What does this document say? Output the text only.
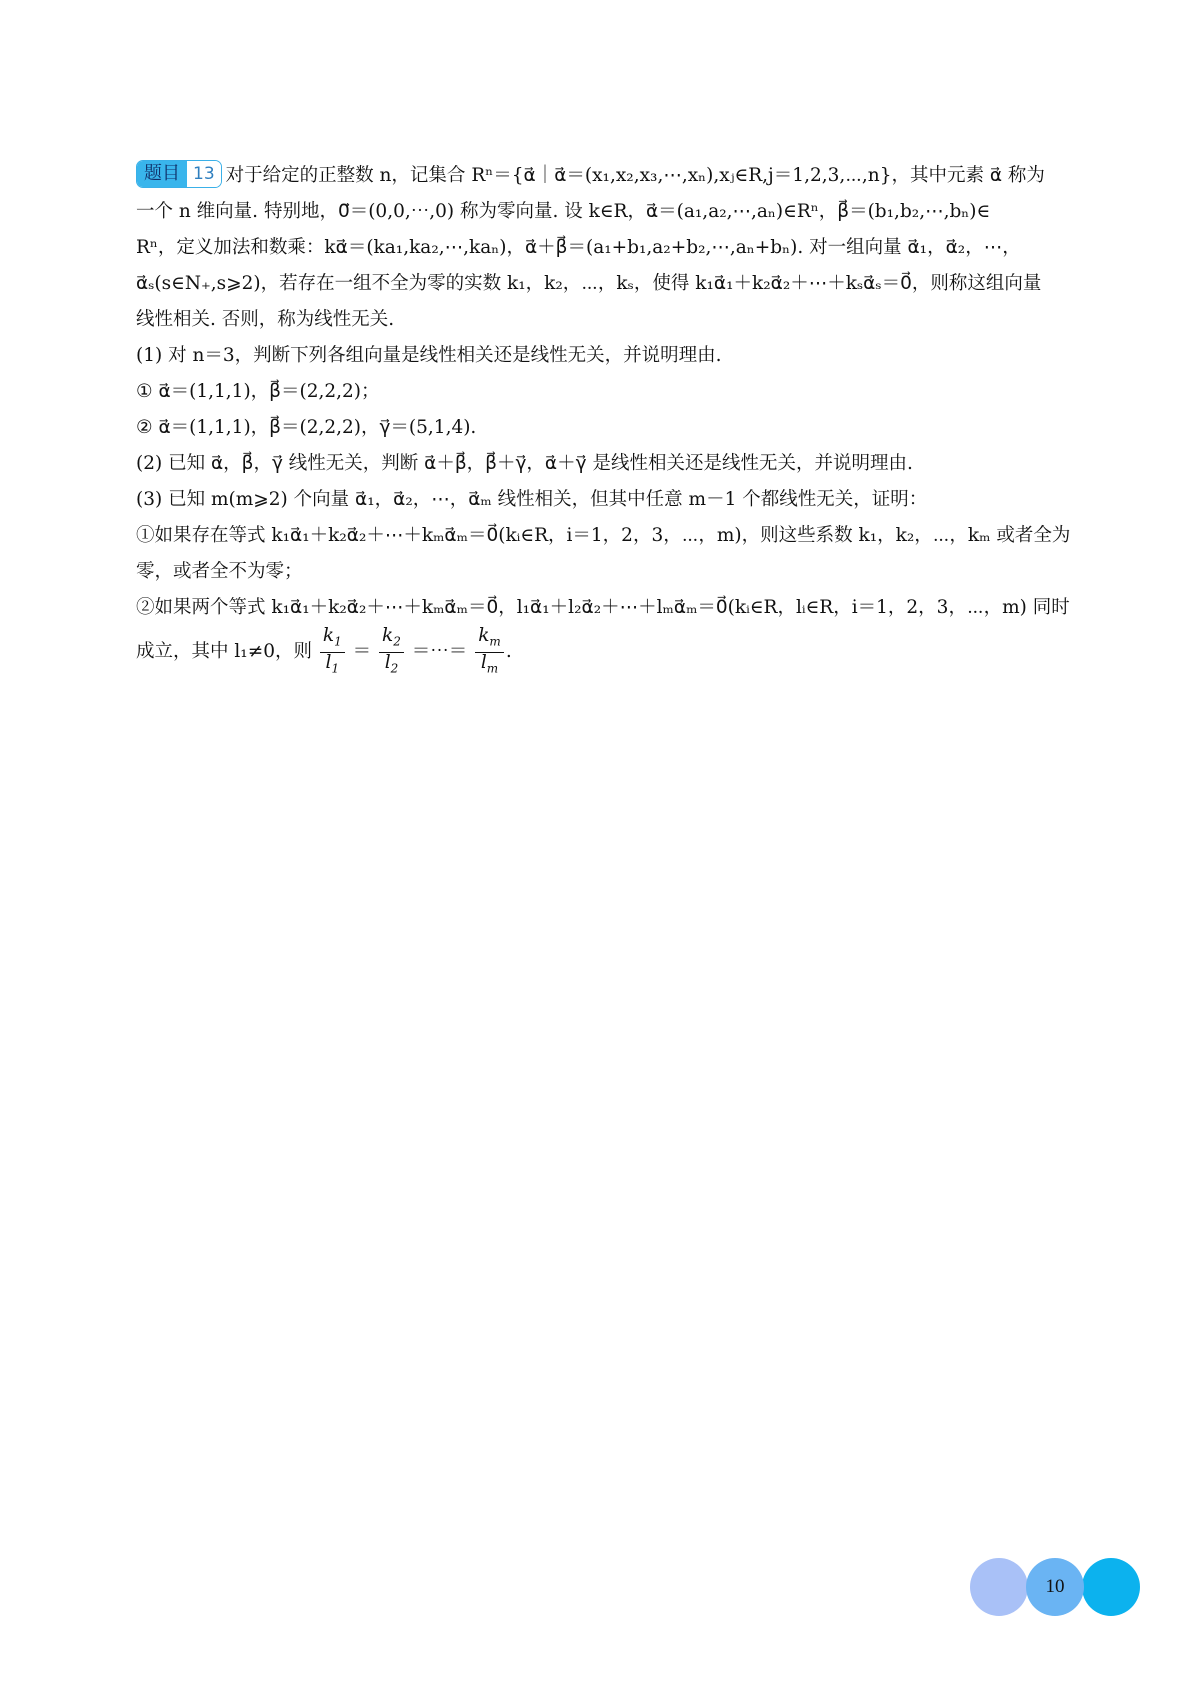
题目 13 对于给定的正整数 n，记集合 Rⁿ＝{α⃗｜α⃗＝(x₁,x₂,x₃,⋯,xₙ),xⱼ∈R,j＝1,2,3,⋯,n}，其中元素 α⃗ 称为
一个 n 维向量. 特别地，0⃗＝(0,0,⋯,0) 称为零向量. 设 k∈R，α⃗＝(a₁,a₂,⋯,aₙ)∈Rⁿ，β⃗＝(b₁,b₂,⋯,bₙ)∈
Rⁿ，定义加法和数乘：kα⃗＝(ka₁,ka₂,⋯,kaₙ)，α⃗＋β⃗＝(a₁+b₁,a₂+b₂,⋯,aₙ+bₙ). 对一组向量 α⃗₁，α⃗₂，⋯，
α⃗ₛ(s∈N₊,s⩾2)，若存在一组不全为零的实数 k₁，k₂，⋯，kₛ，使得 k₁α⃗₁＋k₂α⃗₂＋⋯＋kₛα⃗ₛ＝0⃗，则称这组向量
线性相关. 否则，称为线性无关.
(1) 对 n＝3，判断下列各组向量是线性相关还是线性无关，并说明理由.
① α⃗＝(1,1,1)，β⃗＝(2,2,2)；
② α⃗＝(1,1,1)，β⃗＝(2,2,2)，γ⃗＝(5,1,4).
(2) 已知 α⃗，β⃗，γ⃗ 线性无关，判断 α⃗＋β⃗，β⃗＋γ⃗，α⃗＋γ⃗ 是线性相关还是线性无关，并说明理由.
(3) 已知 m(m⩾2) 个向量 α⃗₁，α⃗₂，⋯，α⃗ₘ 线性相关，但其中任意 m－1 个都线性无关，证明：
①如果存在等式 k₁α⃗₁＋k₂α⃗₂＋⋯＋kₘα⃗ₘ＝0⃗(kᵢ∈R，i＝1，2，3，⋯，m)，则这些系数 k₁，k₂，⋯，kₘ 或者全为
零，或者全不为零；
②如果两个等式 k₁α⃗₁＋k₂α⃗₂＋⋯＋kₘα⃗ₘ＝0⃗，l₁α⃗₁＋l₂α⃗₂＋⋯＋lₘα⃗ₘ＝0⃗(kᵢ∈R，lᵢ∈R，i＝1，2，3，⋯，m) 同时
成立，其中 l₁≠0，则 $\frac{k_1}{l_1} = \frac{k_2}{l_2}$ ＝⋯＝ $\frac{k_m}{l_m}$ .
10
